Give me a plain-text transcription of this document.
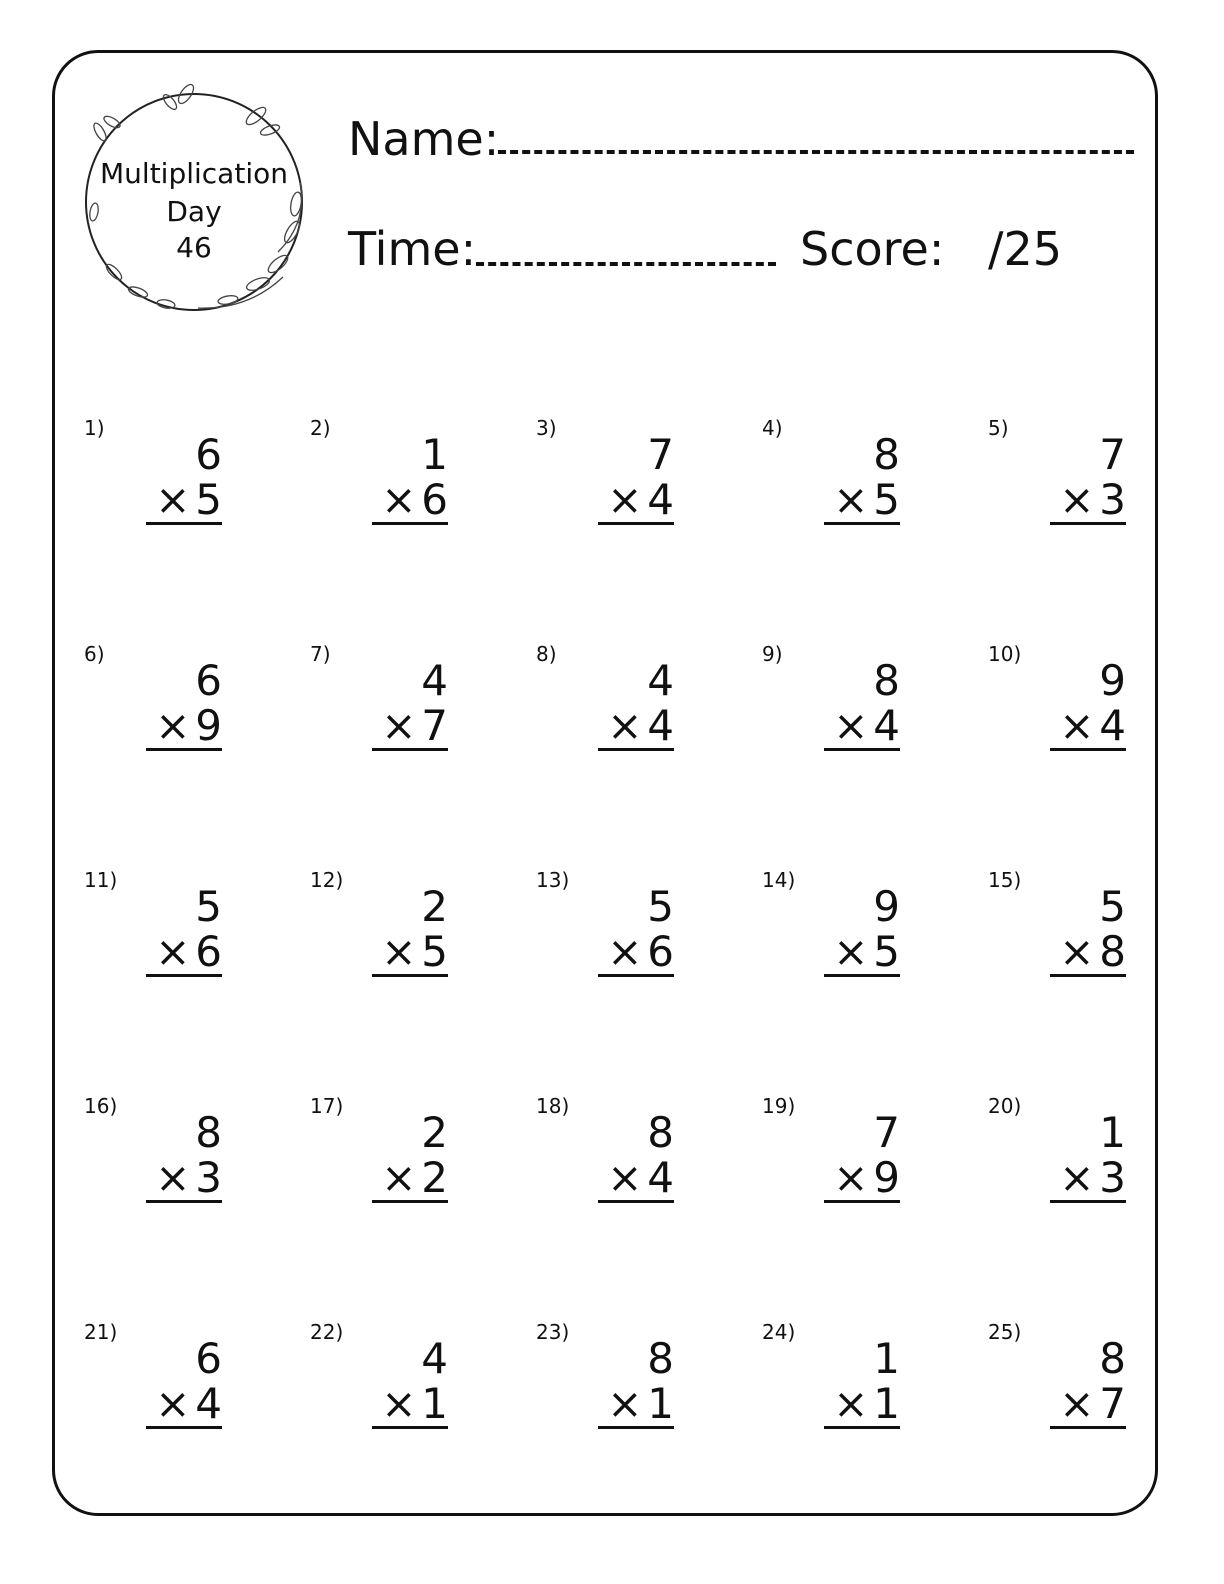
Multiplication
Day
46
Name:
Time:	Score: /25
1)
6
× 5
2)
1
× 6
3)
7
× 4
4)
8
× 5
5)
7
× 3
6)
6
× 9
7)
4
× 7
8)
4
× 4
9)
8
× 4
10)
9
× 4
11)
5
× 6
12)
2
× 5
13)
5
× 6
14)
9
× 5
15)
5
× 8
16)
8
× 3
17)
2
× 2
18)
8
× 4
19)
7
× 9
20)
1
× 3
21)
6
× 4
22)
4
× 1
23)
8
× 1
24)
1
× 1
25)
8
× 7
